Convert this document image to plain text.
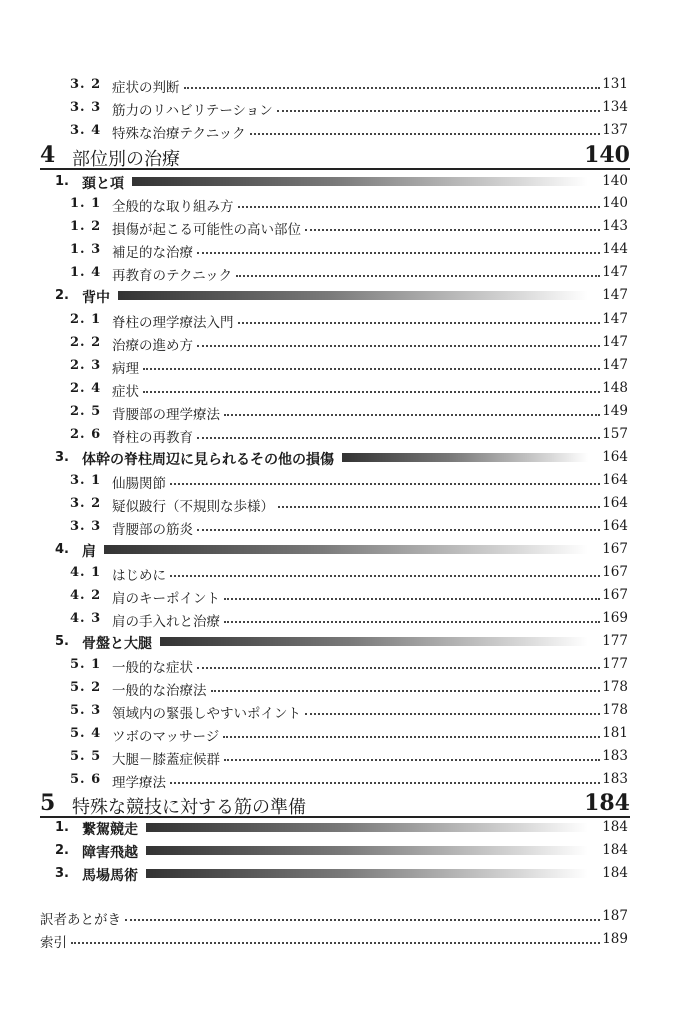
3. 2 症状の判断	131
3. 3 筋力のリハビリテーション	134
3. 4 特殊な治療テクニック	137
4 部位別の治療	140
1. 頚と項	140
1. 1 全般的な取り組み方	140
1. 2 損傷が起こる可能性の高い部位	143
1. 3 補足的な治療	144
1. 4 再教育のテクニック	147
2. 背中	147
2. 1 脊柱の理学療法入門	147
2. 2 治療の進め方	147
2. 3 病理	147
2. 4 症状	148
2. 5 背腰部の理学療法	149
2. 6 脊柱の再教育	157
3. 体幹の脊柱周辺に見られるその他の損傷	164
3. 1 仙腸関節	164
3. 2 疑似跛行（不規則な歩様）	164
3. 3 背腰部の筋炎	164
4. 肩	167
4. 1 はじめに	167
4. 2 肩のキーポイント	167
4. 3 肩の手入れと治療	169
5. 骨盤と大腿	177
5. 1 一般的な症状	177
5. 2 一般的な治療法	178
5. 3 領域内の緊張しやすいポイント	178
5. 4 ツボのマッサージ	181
5. 5 大腿－膝蓋症候群	183
5. 6 理学療法	183
5 特殊な競技に対する筋の準備	184
1. 繋駕競走	184
2. 障害飛越	184
3. 馬場馬術	184
訳者あとがき	187
索引	189
